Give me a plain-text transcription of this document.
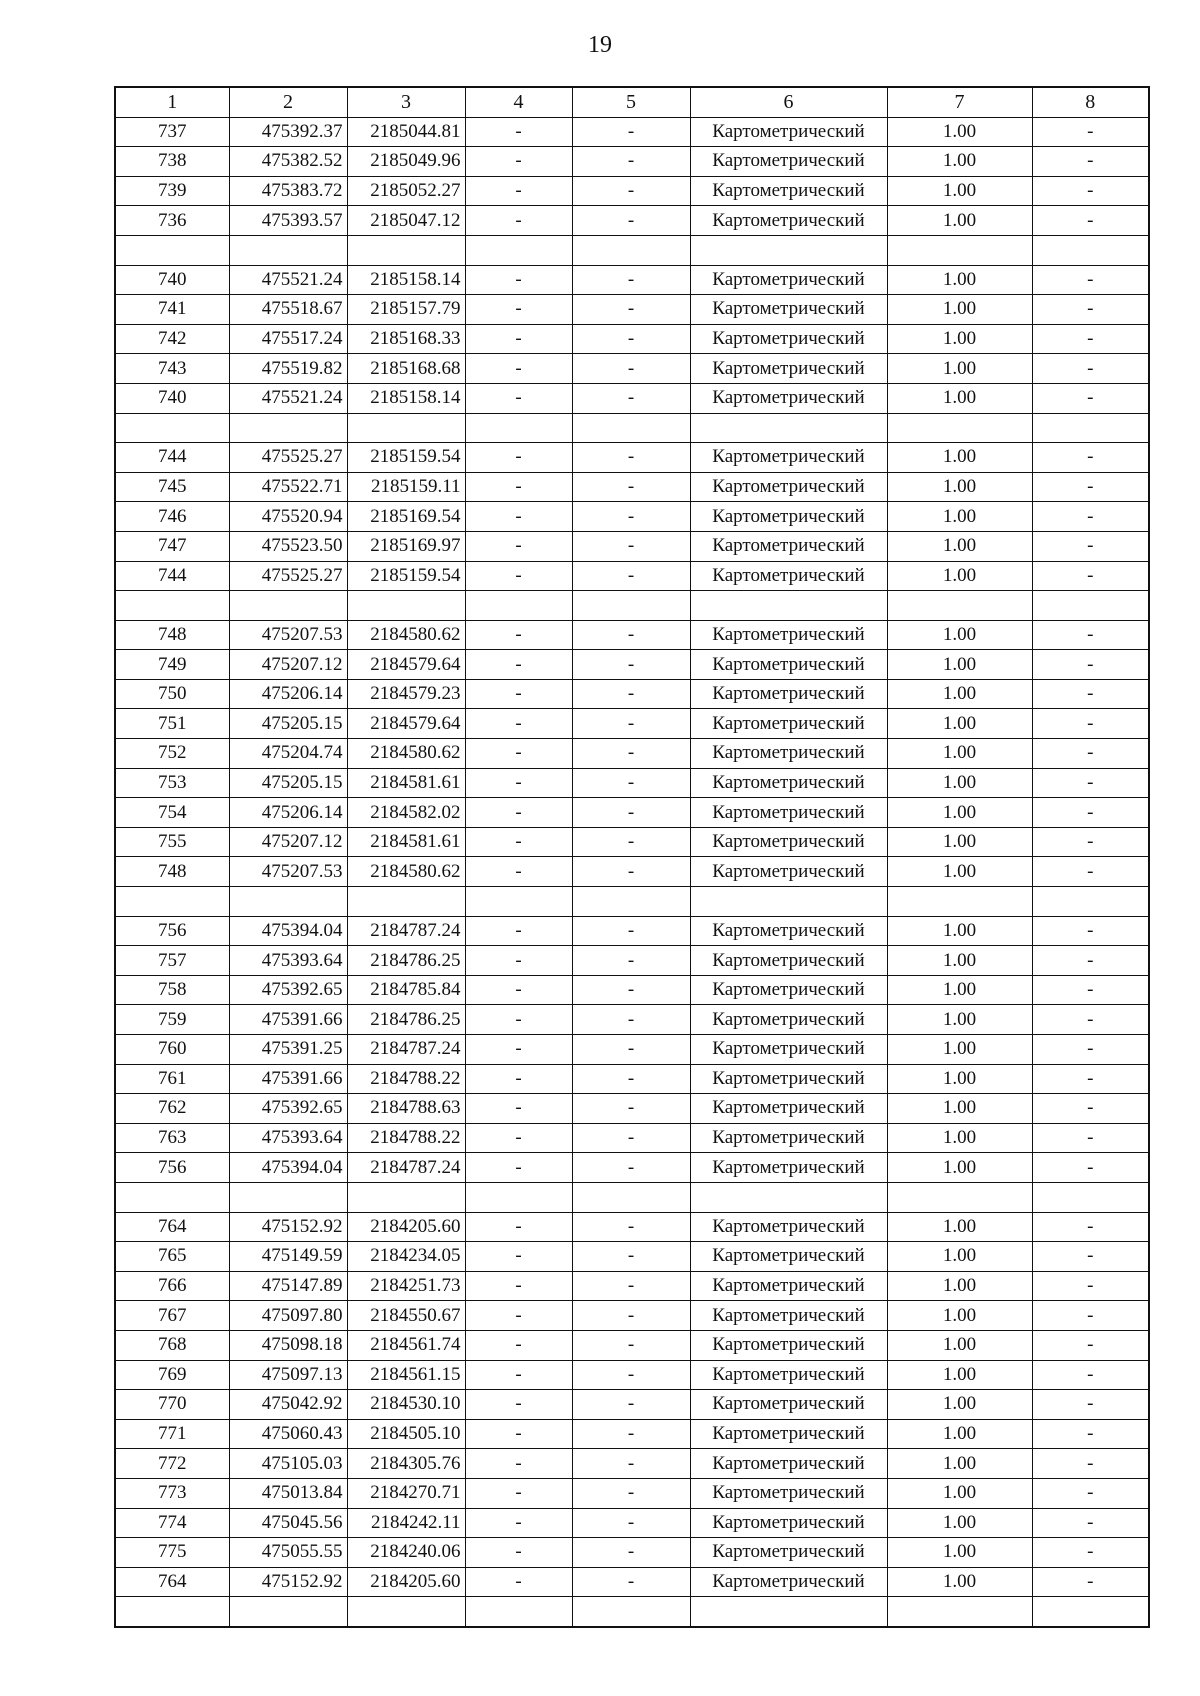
19
1	2	3	4	5	6	7	8
737	475392.37	2185044.81	-	-	Картометрический	1.00	-
738	475382.52	2185049.96	-	-	Картометрический	1.00	-
739	475383.72	2185052.27	-	-	Картометрический	1.00	-
736	475393.57	2185047.12	-	-	Картометрический	1.00	-

740	475521.24	2185158.14	-	-	Картометрический	1.00	-
741	475518.67	2185157.79	-	-	Картометрический	1.00	-
742	475517.24	2185168.33	-	-	Картометрический	1.00	-
743	475519.82	2185168.68	-	-	Картометрический	1.00	-
740	475521.24	2185158.14	-	-	Картометрический	1.00	-

744	475525.27	2185159.54	-	-	Картометрический	1.00	-
745	475522.71	2185159.11	-	-	Картометрический	1.00	-
746	475520.94	2185169.54	-	-	Картометрический	1.00	-
747	475523.50	2185169.97	-	-	Картометрический	1.00	-
744	475525.27	2185159.54	-	-	Картометрический	1.00	-

748	475207.53	2184580.62	-	-	Картометрический	1.00	-
749	475207.12	2184579.64	-	-	Картометрический	1.00	-
750	475206.14	2184579.23	-	-	Картометрический	1.00	-
751	475205.15	2184579.64	-	-	Картометрический	1.00	-
752	475204.74	2184580.62	-	-	Картометрический	1.00	-
753	475205.15	2184581.61	-	-	Картометрический	1.00	-
754	475206.14	2184582.02	-	-	Картометрический	1.00	-
755	475207.12	2184581.61	-	-	Картометрический	1.00	-
748	475207.53	2184580.62	-	-	Картометрический	1.00	-

756	475394.04	2184787.24	-	-	Картометрический	1.00	-
757	475393.64	2184786.25	-	-	Картометрический	1.00	-
758	475392.65	2184785.84	-	-	Картометрический	1.00	-
759	475391.66	2184786.25	-	-	Картометрический	1.00	-
760	475391.25	2184787.24	-	-	Картометрический	1.00	-
761	475391.66	2184788.22	-	-	Картометрический	1.00	-
762	475392.65	2184788.63	-	-	Картометрический	1.00	-
763	475393.64	2184788.22	-	-	Картометрический	1.00	-
756	475394.04	2184787.24	-	-	Картометрический	1.00	-

764	475152.92	2184205.60	-	-	Картометрический	1.00	-
765	475149.59	2184234.05	-	-	Картометрический	1.00	-
766	475147.89	2184251.73	-	-	Картометрический	1.00	-
767	475097.80	2184550.67	-	-	Картометрический	1.00	-
768	475098.18	2184561.74	-	-	Картометрический	1.00	-
769	475097.13	2184561.15	-	-	Картометрический	1.00	-
770	475042.92	2184530.10	-	-	Картометрический	1.00	-
771	475060.43	2184505.10	-	-	Картометрический	1.00	-
772	475105.03	2184305.76	-	-	Картометрический	1.00	-
773	475013.84	2184270.71	-	-	Картометрический	1.00	-
774	475045.56	2184242.11	-	-	Картометрический	1.00	-
775	475055.55	2184240.06	-	-	Картометрический	1.00	-
764	475152.92	2184205.60	-	-	Картометрический	1.00	-
